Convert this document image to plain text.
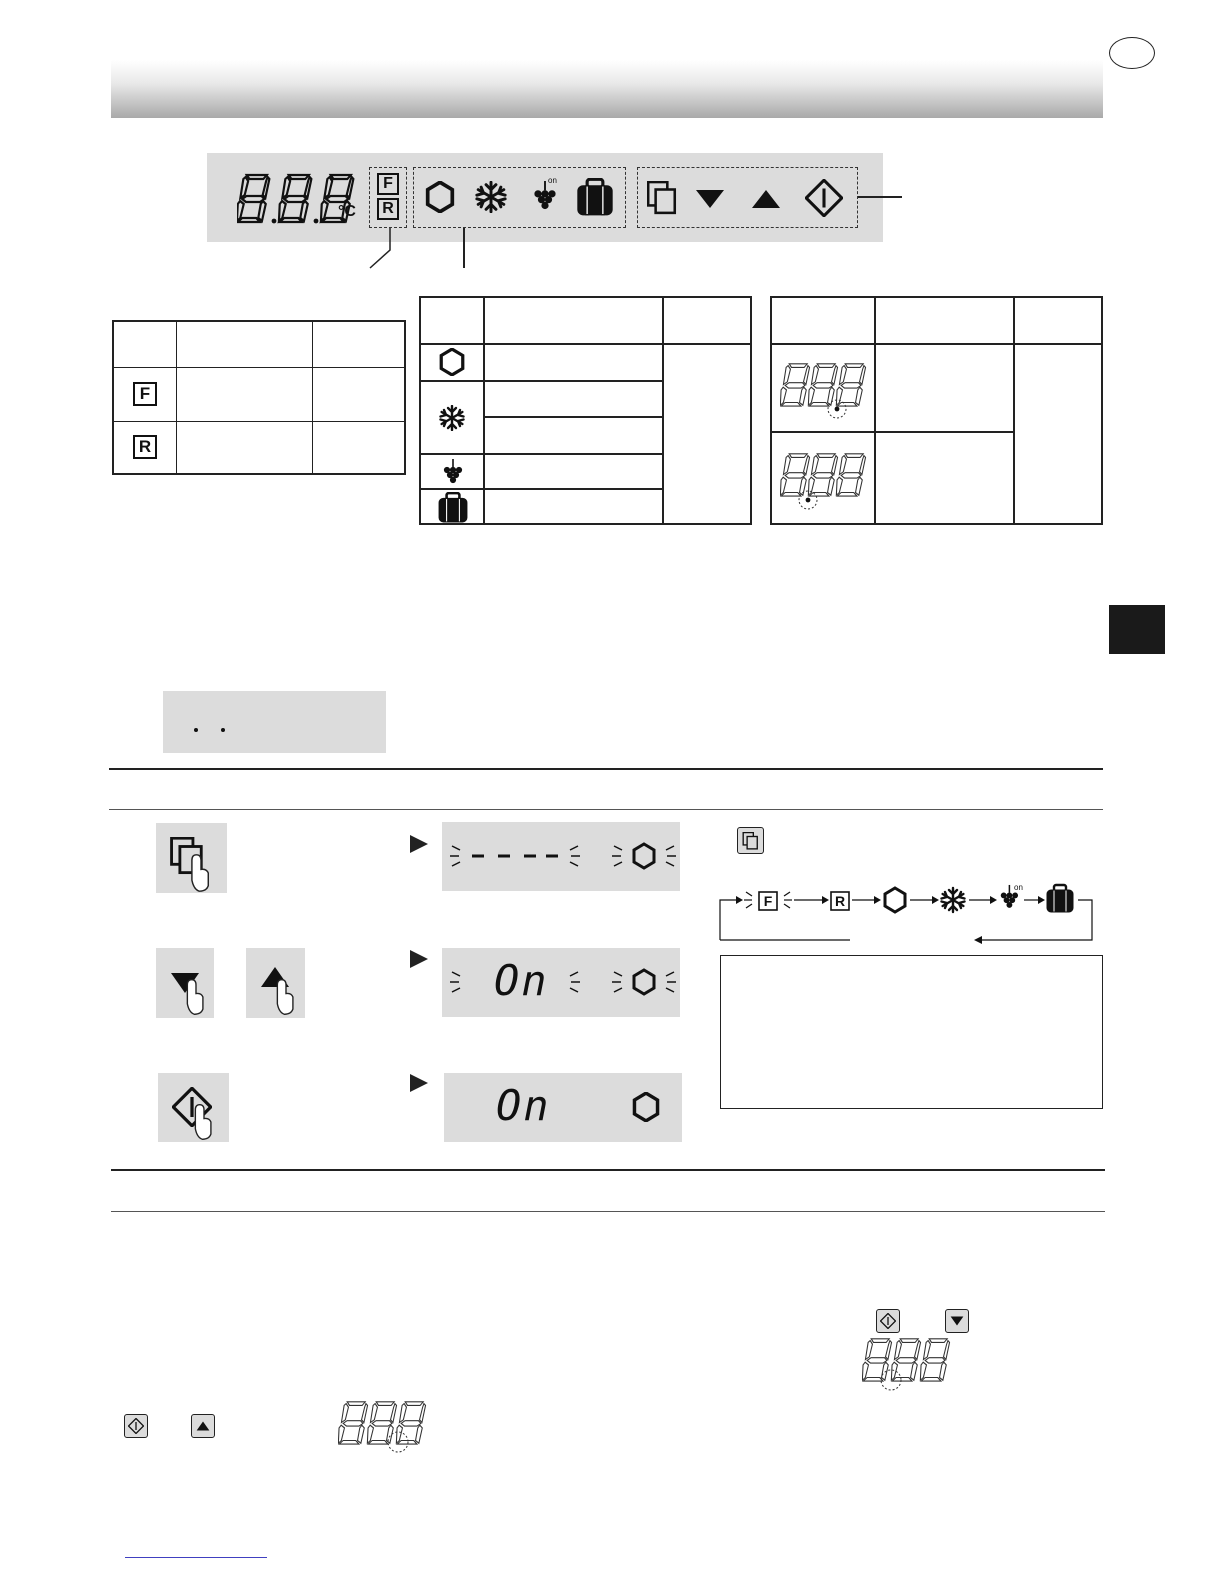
°C
F
R
on

F		
R		
On
On
F	R
on
